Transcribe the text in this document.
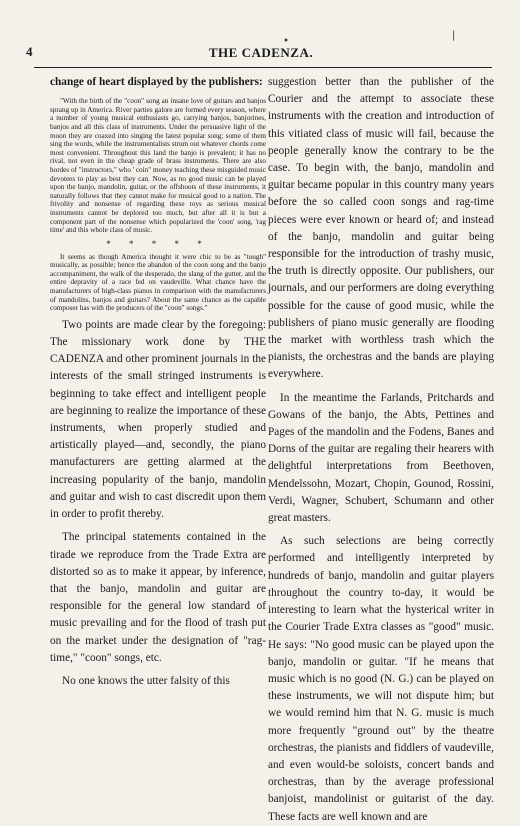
•
|
4	THE CADENZA.

change of heart displayed by the publishers:

"With the birth of the "coon" song an insane love of guitars and banjos sprang up in America. River parties galore are formed every season, where a number of young musical enthusiasts go, carrying banjos, banjorines, banjos and all this class of instruments. Under the persuasive light of the moon they are coaxed into singing the latest popular song; some of them sing the words, while the instrumentalists strum out whatever chords come most convenient. Throughout this land the banjo is prevalent; it has no rival, not even in the cheap grade of brass instruments. There are also hordes of "instructors," who ' coin" money teaching these misguided music devotees to play as best they can. Now, as no good music can be played upon the banjo, mandolin, guitar, or the offshoots of these instruments, it naturally follows that they cannot make for musical good to a nation. The frivolity and nonsense of regarding these toys as serious musical instruments cannot be deplored too much, but after all it is but a component part of the nonsense which popularized the 'coon' song, 'rag time' and this whole class of music.

* * * * *

It seems as though America thought it were chic to be as "tough" musically, as possible; hence the abandon of the coon song and the banjo accompaniment, the walk of the desperado, the slang of the gutter, and the entire depravity of a race fed on vaudeville. What chance have the manufacturers of high-class pianos in comparison with the manufacturers of mandolins, banjos and guitars? About the same chance as the capable composer has with the producers of the "coon" songs."

Two points are made clear by the foregoing: The missionary work done by THE CADENZA and other prominent journals in the interests of the small stringed instruments is beginning to take effect and intelligent people are beginning to realize the importance of these instruments, when properly studied and artistically played—and, secondly, the piano manufacturers are getting alarmed at the increasing popularity of the banjo, mandolin and guitar and wish to cast discredit upon them in order to profit thereby.

The principal statements contained in the tirade we reproduce from the Trade Extra are distorted so as to make it appear, by inference, that the banjo, mandolin and guitar are responsible for the general low standard of music prevailing and for the flood of trash put on the market under the designation of "rag-time," "coon" songs, etc.

No one knows the utter falsity of this

suggestion better than the publisher of the Courier and the attempt to associate these instruments with the creation and introduction of this vitiated class of music will fail, because the people generally know the contrary to be the case. To begin with, the banjo, mandolin and guitar became popular in this country many years before the so called coon songs and rag-time pieces were ever known or heard of; and instead of the banjo, mandolin and guitar being responsible for the introduction of trashy music, the truth is directly opposite. Our publishers, our journals, and our performers are doing everything possible for the cause of good music, while the publishers of piano music generally are flooding the market with worthless trash which the pianists, the orchestras and the bands are playing everywhere.

In the meantime the Farlands, Pritchards and Gowans of the banjo, the Abts, Pettines and Pages of the mandolin and the Fodens, Banes and Dorns of the guitar are regaling their hearers with delightful interpretations from Beethoven, Mendelssohn, Mozart, Chopin, Gounod, Rossini, Verdi, Wagner, Schubert, Schumann and other great masters.

As such selections are being correctly performed and intelligently interpreted by hundreds of banjo, mandolin and guitar players throughout the country to-day, it would be interesting to learn what the hysterical writer in the Courier Trade Extra classes as "good" music. He says: "No good music can be played upon the banjo, mandolin or guitar. "If he means that music which is no good (N. G.) can be played on these instruments, we will not dispute him; but we would remind him that N. G. music is much more frequently "ground out" by the theatre orchestras, the pianists and fiddlers of vaudeville, and even would-be soloists, concert bands and orchestras, than by the average professional banjoist, mandolinist or guitarist of the day. These facts are well known and are
